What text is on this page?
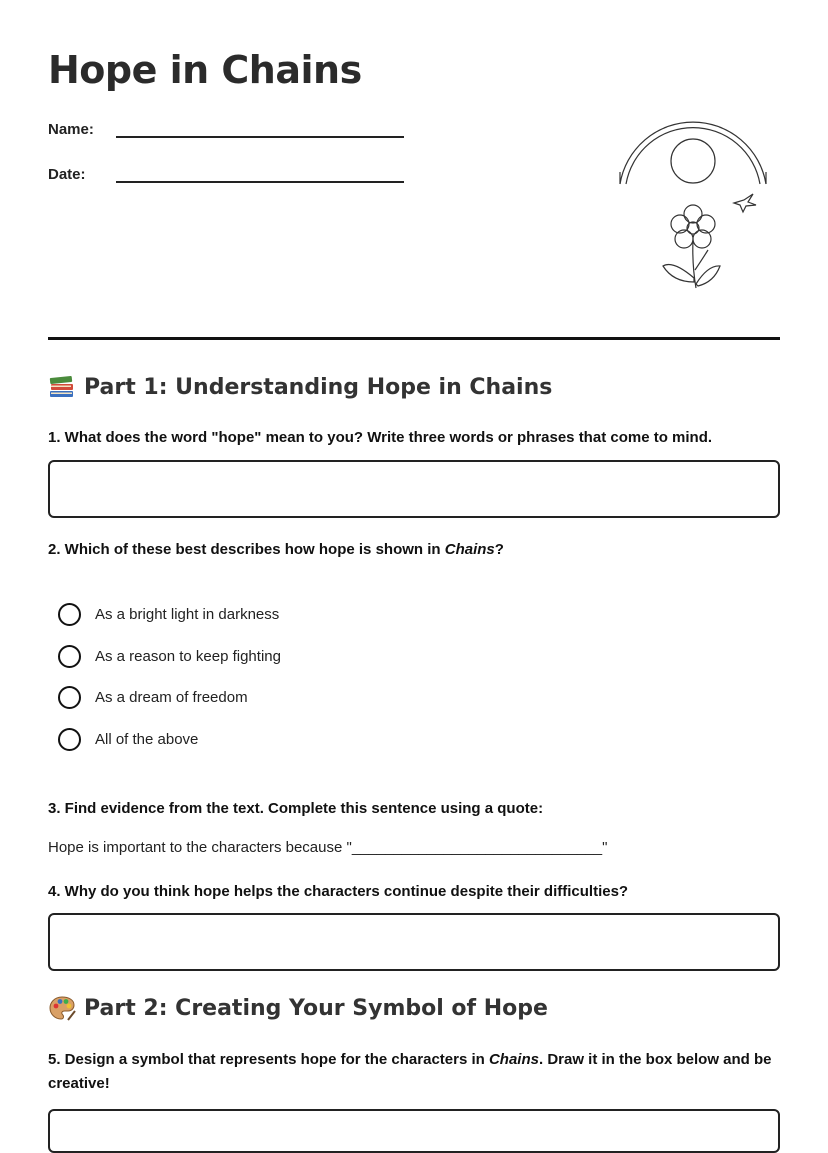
Hope in Chains
Name:
Date:
Part 1: Understanding Hope in Chains

1. What does the word "hope" mean to you? Write three words or phrases that come to mind.

2. Which of these best describes how hope is shown in Chains?

As a bright light in darkness
As a reason to keep fighting
As a dream of freedom
All of the above

3. Find evidence from the text. Complete this sentence using a quote:

Hope is important to the characters because "______________________________"

4. Why do you think hope helps the characters continue despite their difficulties?

Part 2: Creating Your Symbol of Hope

5. Design a symbol that represents hope for the characters in Chains. Draw it in the box below and be creative!
